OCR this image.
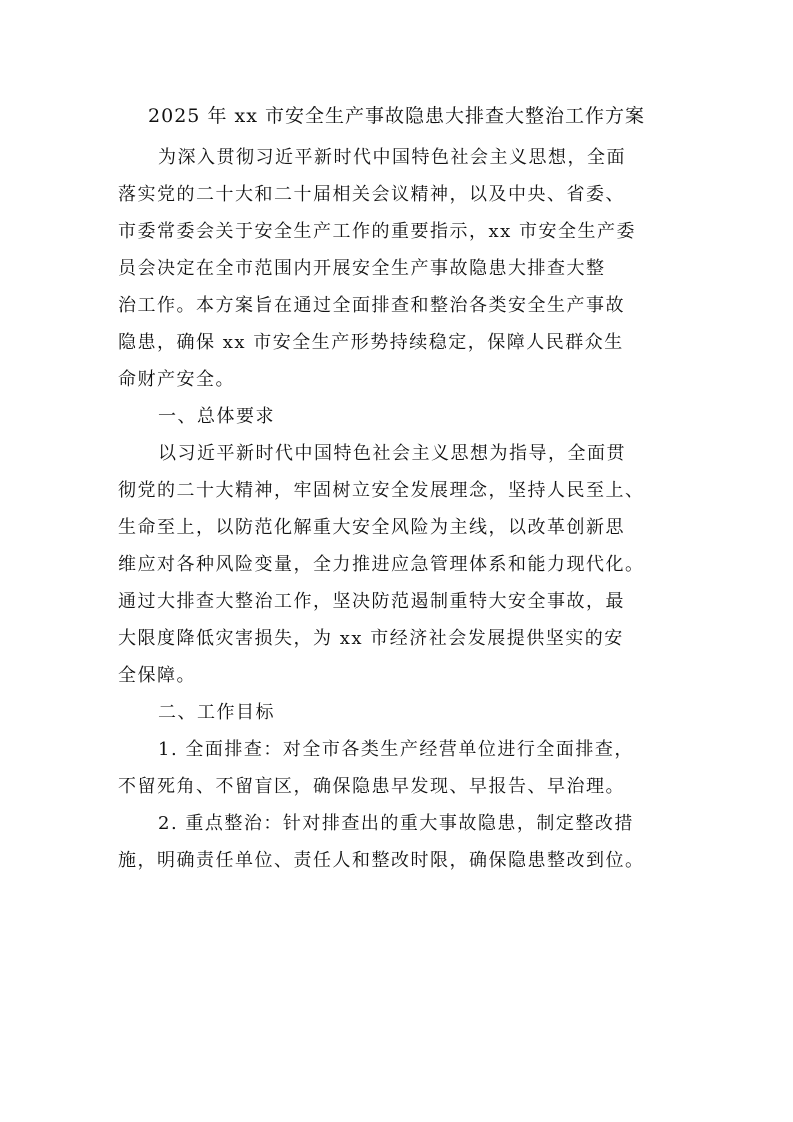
2025 年 xx 市安全生产事故隐患大排查大整治工作方案
为深入贯彻习近平新时代中国特色社会主义思想，全面
落实党的二十大和二十届相关会议精神，以及中央、省委、
市委常委会关于安全生产工作的重要指示，xx 市安全生产委
员会决定在全市范围内开展安全生产事故隐患大排查大整
治工作。本方案旨在通过全面排查和整治各类安全生产事故
隐患，确保 xx 市安全生产形势持续稳定，保障人民群众生
命财产安全。
一、总体要求
以习近平新时代中国特色社会主义思想为指导，全面贯
彻党的二十大精神，牢固树立安全发展理念，坚持人民至上、
生命至上，以防范化解重大安全风险为主线，以改革创新思
维应对各种风险变量，全力推进应急管理体系和能力现代化。
通过大排查大整治工作，坚决防范遏制重特大安全事故，最
大限度降低灾害损失，为 xx 市经济社会发展提供坚实的安
全保障。
二、工作目标
1. 全面排查：对全市各类生产经营单位进行全面排查，
不留死角、不留盲区，确保隐患早发现、早报告、早治理。
2. 重点整治：针对排查出的重大事故隐患，制定整改措
施，明确责任单位、责任人和整改时限，确保隐患整改到位。
